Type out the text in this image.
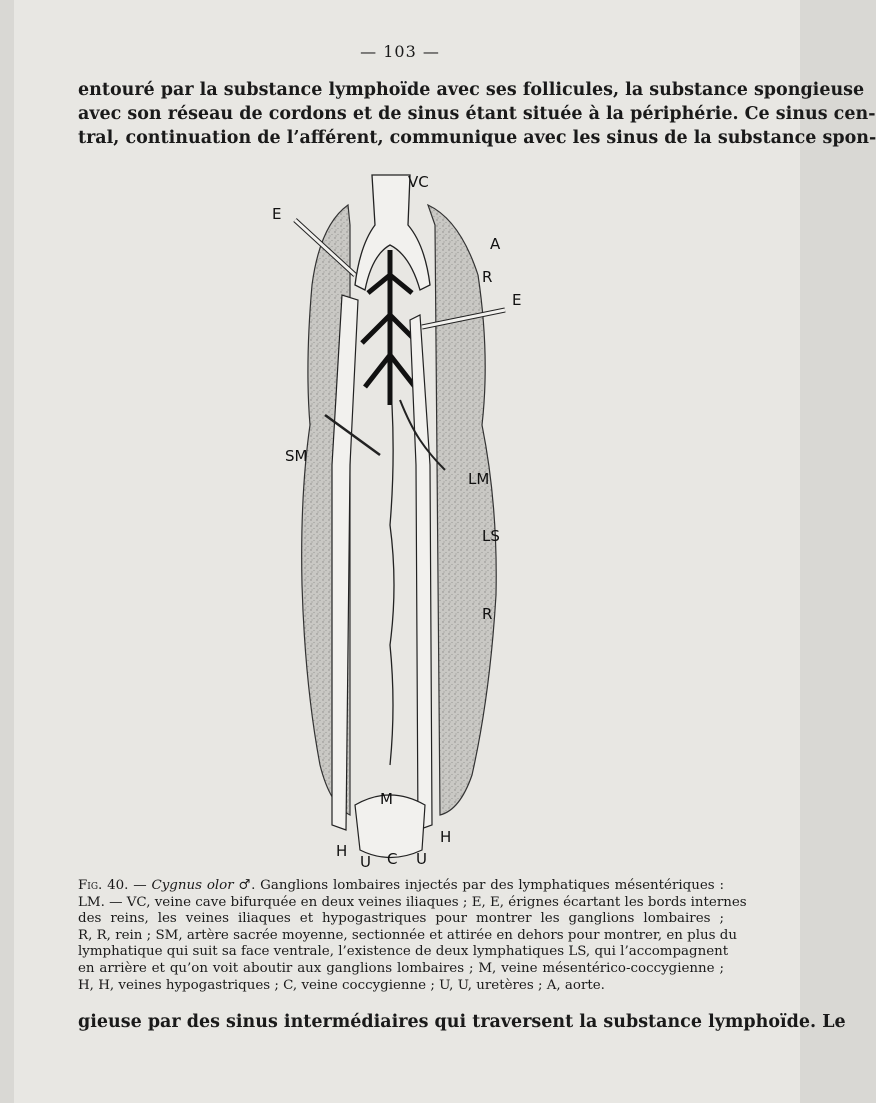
— 103 —

entouré par la substance lymphoïde avec ses follicules, la substance spongieuse
avec son réseau de cordons et de sinus étant située à la périphérie. Ce sinus cen-
tral, continuation de l’afférent, communique avec les sinus de la substance spon-

VC
E
A
R
E
SM
LM
LS
R
M
H
U C U
H
Fig. 40. — Cygnus olor ♂. Ganglions lombaires injectés par des lymphatiques mésentériques :
LM. — VC, veine cave bifurquée en deux veines iliaques ; E, E, érignes écartant les bords internes
des reins, les veines iliaques et hypogastriques pour montrer les ganglions lombaires ;
R, R, rein ; SM, artère sacrée moyenne, sectionnée et attirée en dehors pour montrer, en plus du
lymphatique qui suit sa face ventrale, l’existence de deux lymphatiques LS, qui l’accompagnent
en arrière et qu’on voit aboutir aux ganglions lombaires ; M, veine mésentérico-coccygienne ;
H, H, veines hypogastriques ; C, veine coccygienne ; U, U, uretères ; A, aorte.

gieuse par des sinus intermédiaires qui traversent la substance lymphoïde. Le
